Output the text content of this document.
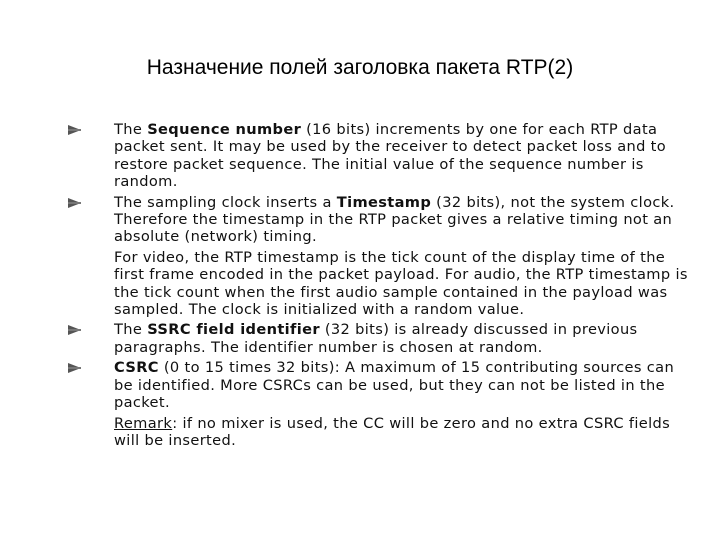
Назначение полей заголовка пакета RTP(2)
The Sequence number (16 bits) increments by one for each RTP data packet sent. It may be used by the receiver to detect packet loss and to restore packet sequence. The initial value of the sequence number is random.
The sampling clock inserts a Timestamp (32 bits), not the system clock. Therefore the timestamp in the RTP packet gives a relative timing not an absolute (network) timing.
For video, the RTP timestamp is the tick count of the display time of the first frame encoded in the packet payload. For audio, the RTP timestamp is the tick count when the first audio sample contained in the payload was sampled. The clock is initialized with a random value.
The SSRC field identifier (32 bits) is already discussed in previous paragraphs. The identifier number is chosen at random.
CSRC (0 to 15 times 32 bits): A maximum of 15 contributing sources can be identified. More CSRCs can be used, but they can not be listed in the packet.
Remark: if no mixer is used, the CC will be zero and no extra CSRC fields will be inserted.
